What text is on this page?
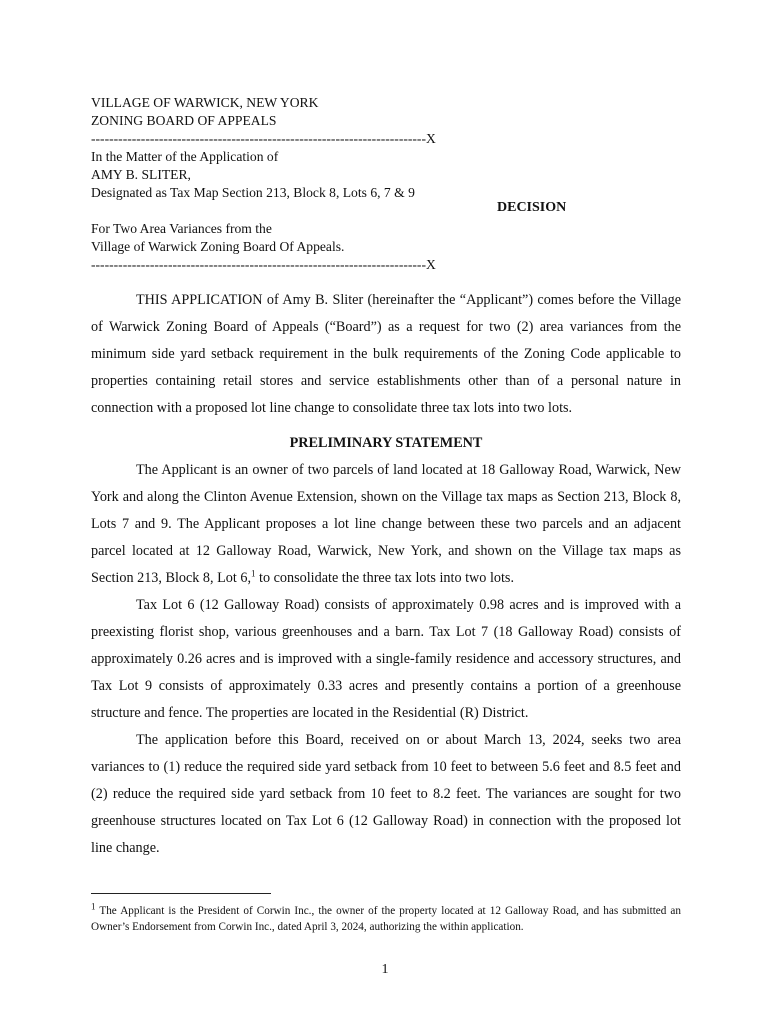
VILLAGE OF WARWICK, NEW YORK
ZONING BOARD OF APPEALS
--------------------------------------------------------------------------X
In the Matter of the Application of
AMY B. SLITER,
Designated as Tax Map Section 213, Block 8, Lots 6, 7 & 9
For Two Area Variances from the
Village of Warwick Zoning Board Of Appeals.
--------------------------------------------------------------------------X
DECISION

THIS APPLICATION of Amy B. Sliter (hereinafter the “Applicant”) comes before the Village of Warwick Zoning Board of Appeals (“Board”) as a request for two (2) area variances from the minimum side yard setback requirement in the bulk requirements of the Zoning Code applicable to properties containing retail stores and service establishments other than of a personal nature in connection with a proposed lot line change to consolidate three tax lots into two lots.

PRELIMINARY STATEMENT

The Applicant is an owner of two parcels of land located at 18 Galloway Road, Warwick, New York and along the Clinton Avenue Extension, shown on the Village tax maps as Section 213, Block 8, Lots 7 and 9. The Applicant proposes a lot line change between these two parcels and an adjacent parcel located at 12 Galloway Road, Warwick, New York, and shown on the Village tax maps as Section 213, Block 8, Lot 6,$^1$ to consolidate the three tax lots into two lots.

Tax Lot 6 (12 Galloway Road) consists of approximately 0.98 acres and is improved with a preexisting florist shop, various greenhouses and a barn. Tax Lot 7 (18 Galloway Road) consists of approximately 0.26 acres and is improved with a single-family residence and accessory structures, and Tax Lot 9 consists of approximately 0.33 acres and presently contains a portion of a greenhouse structure and fence. The properties are located in the Residential (R) District.

The application before this Board, received on or about March 13, 2024, seeks two area variances to (1) reduce the required side yard setback from 10 feet to between 5.6 feet and 8.5 feet and (2) reduce the required side yard setback from 10 feet to 8.2 feet. The variances are sought for two greenhouse structures located on Tax Lot 6 (12 Galloway Road) in connection with the proposed lot line change.

$^1$ The Applicant is the President of Corwin Inc., the owner of the property located at 12 Galloway Road, and has submitted an Owner’s Endorsement from Corwin Inc., dated April 3, 2024, authorizing the within application.
1
